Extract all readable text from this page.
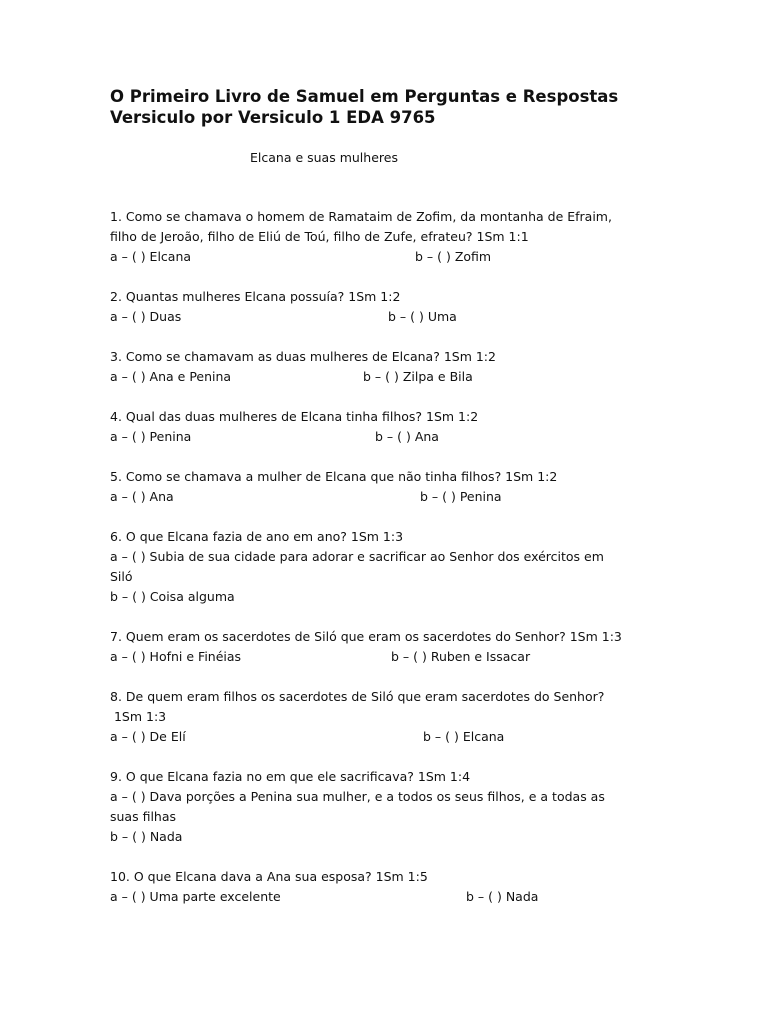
O Primeiro Livro de Samuel em Perguntas e Respostas
Versiculo por Versiculo 1 EDA 9765

Elcana e suas mulheres

1. Como se chamava o homem de Ramataim de Zofim, da montanha de Efraim,
filho de Jeroão, filho de Eliú de Toú, filho de Zufe, efrateu? 1Sm 1:1
a – ( ) Elcana	b – ( ) Zofim
2. Quantas mulheres Elcana possuía? 1Sm 1:2
a – ( ) Duas	b – ( ) Uma
3. Como se chamavam as duas mulheres de Elcana? 1Sm 1:2
a – ( ) Ana e Penina	b – ( ) Zilpa e Bila
4. Qual das duas mulheres de Elcana tinha filhos? 1Sm 1:2
a – ( ) Penina	b – ( ) Ana
5. Como se chamava a mulher de Elcana que não tinha filhos? 1Sm 1:2
a – ( ) Ana	b – ( ) Penina
6. O que Elcana fazia de ano em ano? 1Sm 1:3
a – ( ) Subia de sua cidade para adorar e sacrificar ao Senhor dos exércitos em
Siló
b – ( ) Coisa alguma
7. Quem eram os sacerdotes de Siló que eram os sacerdotes do Senhor? 1Sm 1:3
a – ( ) Hofni e Finéias	b – ( ) Ruben e Issacar
8. De quem eram filhos os sacerdotes de Siló que eram sacerdotes do Senhor?
1Sm 1:3
a – ( ) De Elí	b – ( ) Elcana
9. O que Elcana fazia no em que ele sacrificava? 1Sm 1:4
a – ( ) Dava porções a Penina sua mulher, e a todos os seus filhos, e a todas as
suas filhas
b – ( ) Nada
10. O que Elcana dava a Ana sua esposa? 1Sm 1:5
a – ( ) Uma parte excelente	b – ( ) Nada
